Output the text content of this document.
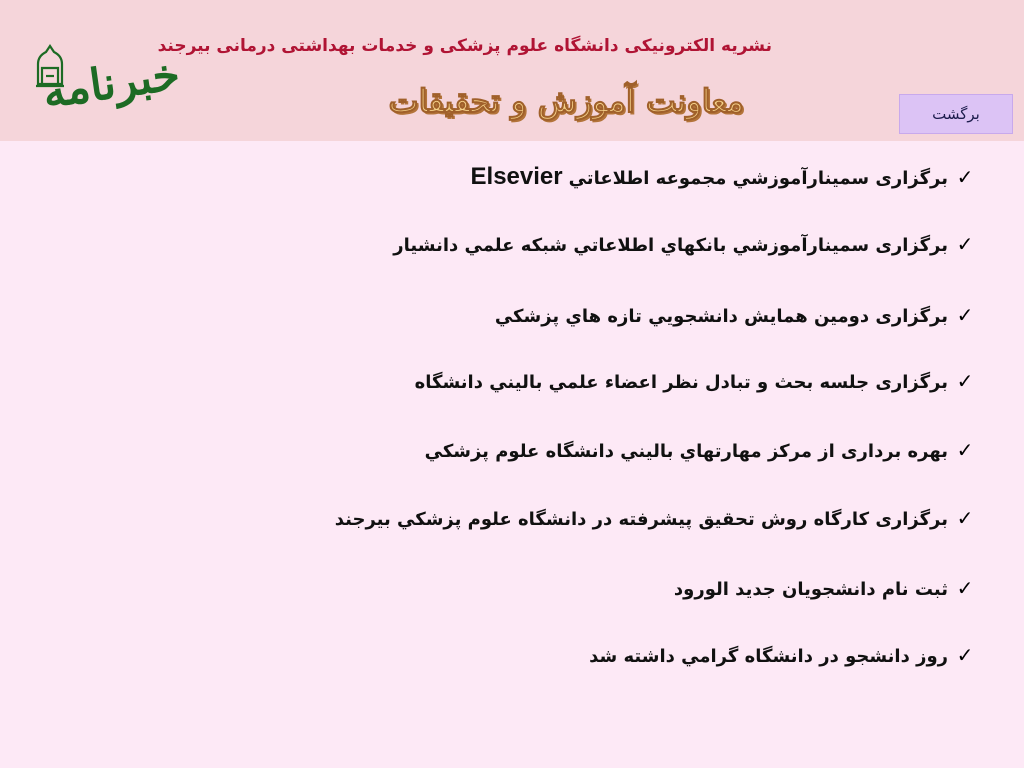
خبرنامه
نشریه الکترونیکی دانشگاه علوم پزشکی و خدمات بهداشتی درمانی بیرجند
معاونت آموزش و تحقیقات	برگشت
✓
برگزاری سمینارآموزشي مجموعه اطلاعاتي
Elsevier
✓
برگزاری سمینارآموزشي بانکهاي اطلاعاتي شبکه علمي دانشیار
✓
برگزاری دومین همایش دانشجويي تازه هاي پزشكي
✓
برگزاری جلسه بحث و تبادل نظر اعضاء علمي باليني دانشگاه
✓
بهره برداری از مرکز مهارتهاي باليني دانشگاه علوم پزشكي
✓
برگزاری کارگاه روش تحقیق پیشرفته در دانشگاه علوم پزشكي بیرجند
✓
ثبت نام دانشجويان جديد الورود
✓
روز دانشجو در دانشگاه گرامي داشته شد
